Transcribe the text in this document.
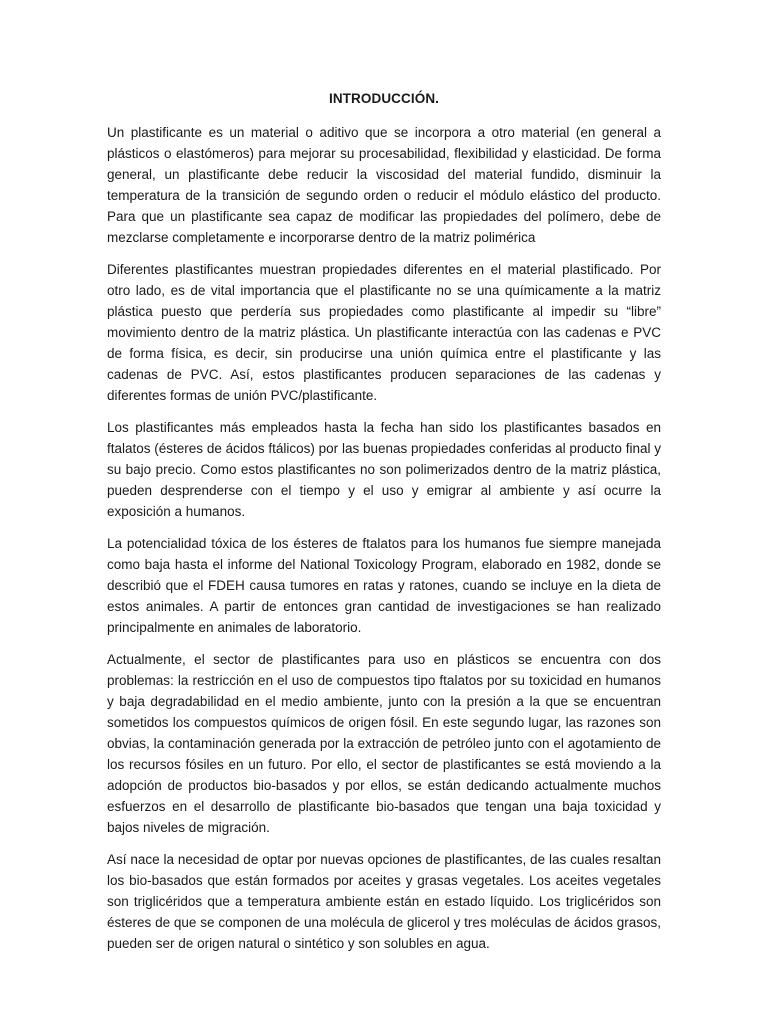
INTRODUCCIÓN.

Un plastificante es un material o aditivo que se incorpora a otro material (en general a plásticos o elastómeros) para mejorar su procesabilidad, flexibilidad y elasticidad. De forma general, un plastificante debe reducir la viscosidad del material fundido, disminuir la temperatura de la transición de segundo orden o reducir el módulo elástico del producto. Para que un plastificante sea capaz de modificar las propiedades del polímero, debe de mezclarse completamente e incorporarse dentro de la matriz polimérica

Diferentes plastificantes muestran propiedades diferentes en el material plastificado. Por otro lado, es de vital importancia que el plastificante no se una químicamente a la matriz plástica puesto que perdería sus propiedades como plastificante al impedir su “libre” movimiento dentro de la matriz plástica. Un plastificante interactúa con las cadenas e PVC de forma física, es decir, sin producirse una unión química entre el plastificante y las cadenas de PVC. Así, estos plastificantes producen separaciones de las cadenas y diferentes formas de unión PVC/plastificante.

Los plastificantes más empleados hasta la fecha han sido los plastificantes basados en ftalatos (ésteres de ácidos ftálicos) por las buenas propiedades conferidas al producto final y su bajo precio. Como estos plastificantes no son polimerizados dentro de la matriz plástica, pueden desprenderse con el tiempo y el uso y emigrar al ambiente y así ocurre la exposición a humanos.

La potencialidad tóxica de los ésteres de ftalatos para los humanos fue siempre manejada como baja hasta el informe del National Toxicology Program, elaborado en 1982, donde se describió que el FDEH causa tumores en ratas y ratones, cuando se incluye en la dieta de estos animales. A partir de entonces gran cantidad de investigaciones se han realizado principalmente en animales de laboratorio.

Actualmente, el sector de plastificantes para uso en plásticos se encuentra con dos problemas: la restricción en el uso de compuestos tipo ftalatos por su toxicidad en humanos y baja degradabilidad en el medio ambiente, junto con la presión a la que se encuentran sometidos los compuestos químicos de origen fósil. En este segundo lugar, las razones son obvias, la contaminación generada por la extracción de petróleo junto con el agotamiento de los recursos fósiles en un futuro. Por ello, el sector de plastificantes se está moviendo a la adopción de productos bio-basados y por ellos, se están dedicando actualmente muchos esfuerzos en el desarrollo de plastificante bio-basados que tengan una baja toxicidad y bajos niveles de migración.

Así nace la necesidad de optar por nuevas opciones de plastificantes, de las cuales resaltan los bio-basados que están formados por aceites y grasas vegetales. Los aceites vegetales son triglicéridos que a temperatura ambiente están en estado líquido. Los triglicéridos son ésteres de que se componen de una molécula de glicerol y tres moléculas de ácidos grasos, pueden ser de origen natural o sintético y son solubles en agua.
